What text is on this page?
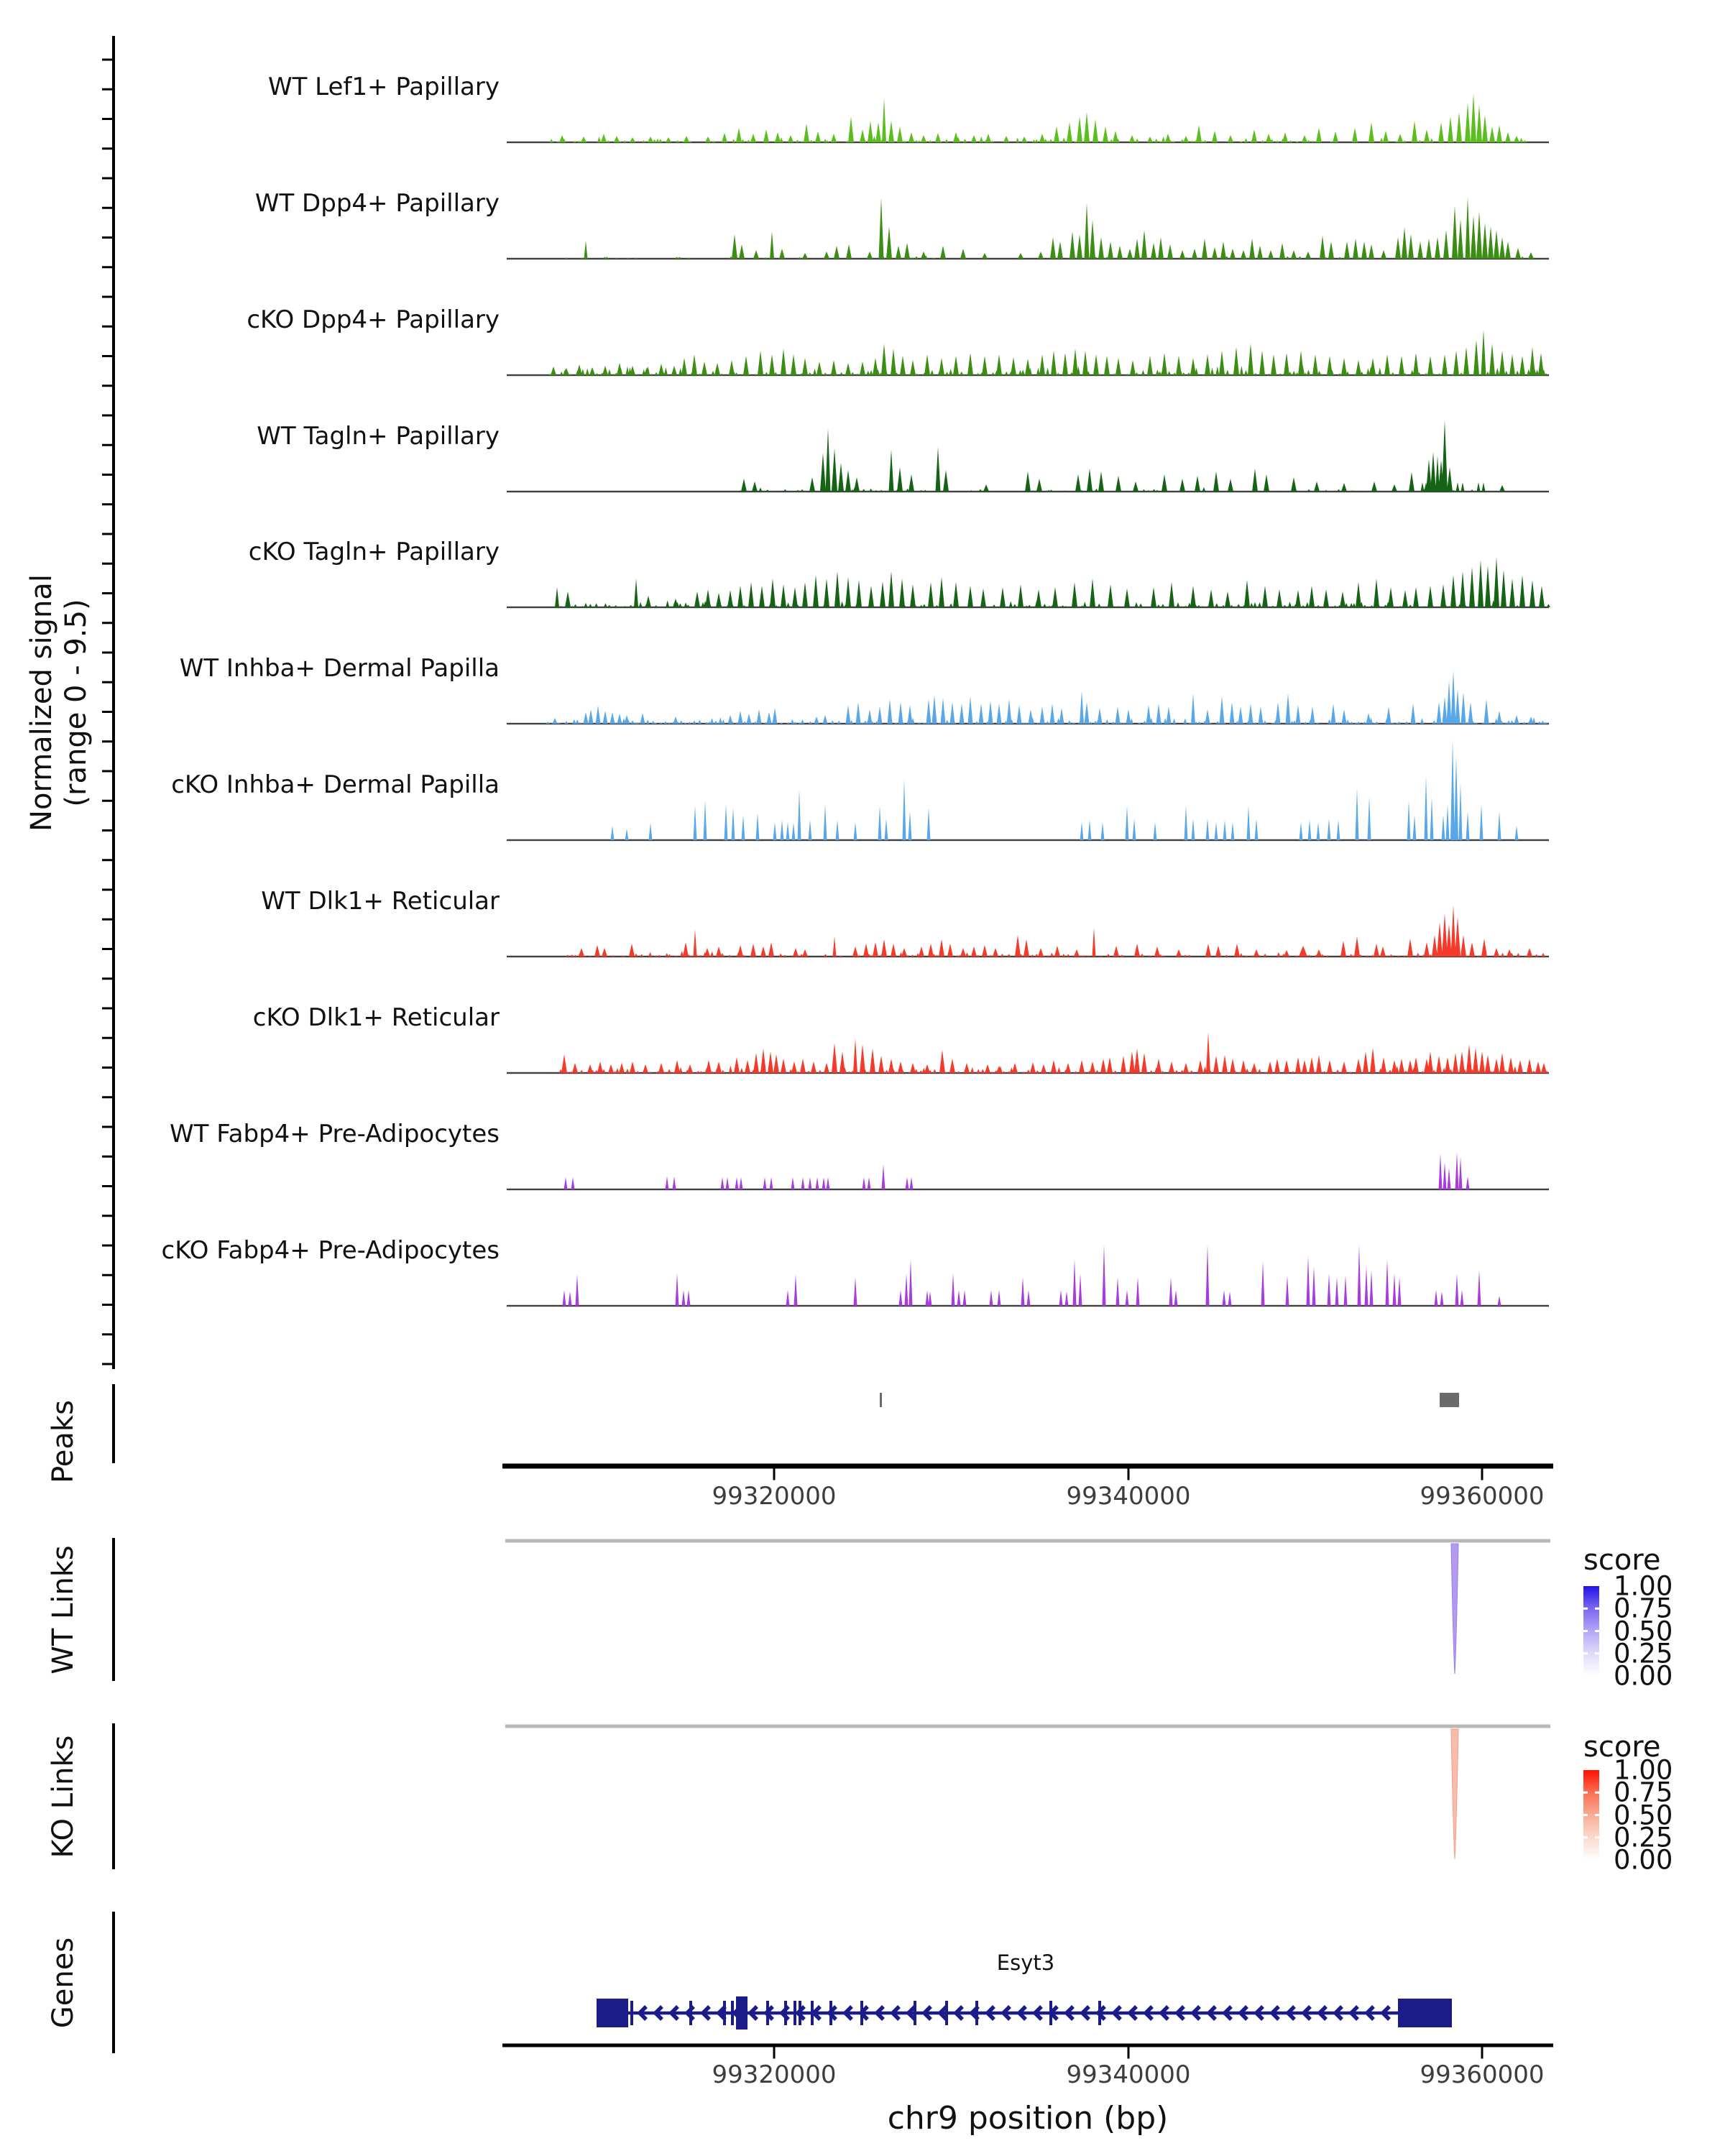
Normalized signal (range 0 - 9.5)
Peaks
WT Links
KO Links
Genes
score
score
Esyt3
chr9 position (bp)
WT Lef1+ Papillary
WT Dpp4+ Papillary
cKO Dpp4+ Papillary
WT Tagln+ Papillary
cKO Tagln+ Papillary
WT Inhba+ Dermal Papilla
cKO Inhba+ Dermal Papilla
WT Dlk1+ Reticular
cKO Dlk1+ Reticular
WT Fabp4+ Pre-Adipocytes
cKO Fabp4+ Pre-Adipocytes
99320000	99340000	99360000
99320000	99340000	99360000
1.00
0.75
0.50
0.25
0.00
1.00
0.75
0.50
0.25
0.00
